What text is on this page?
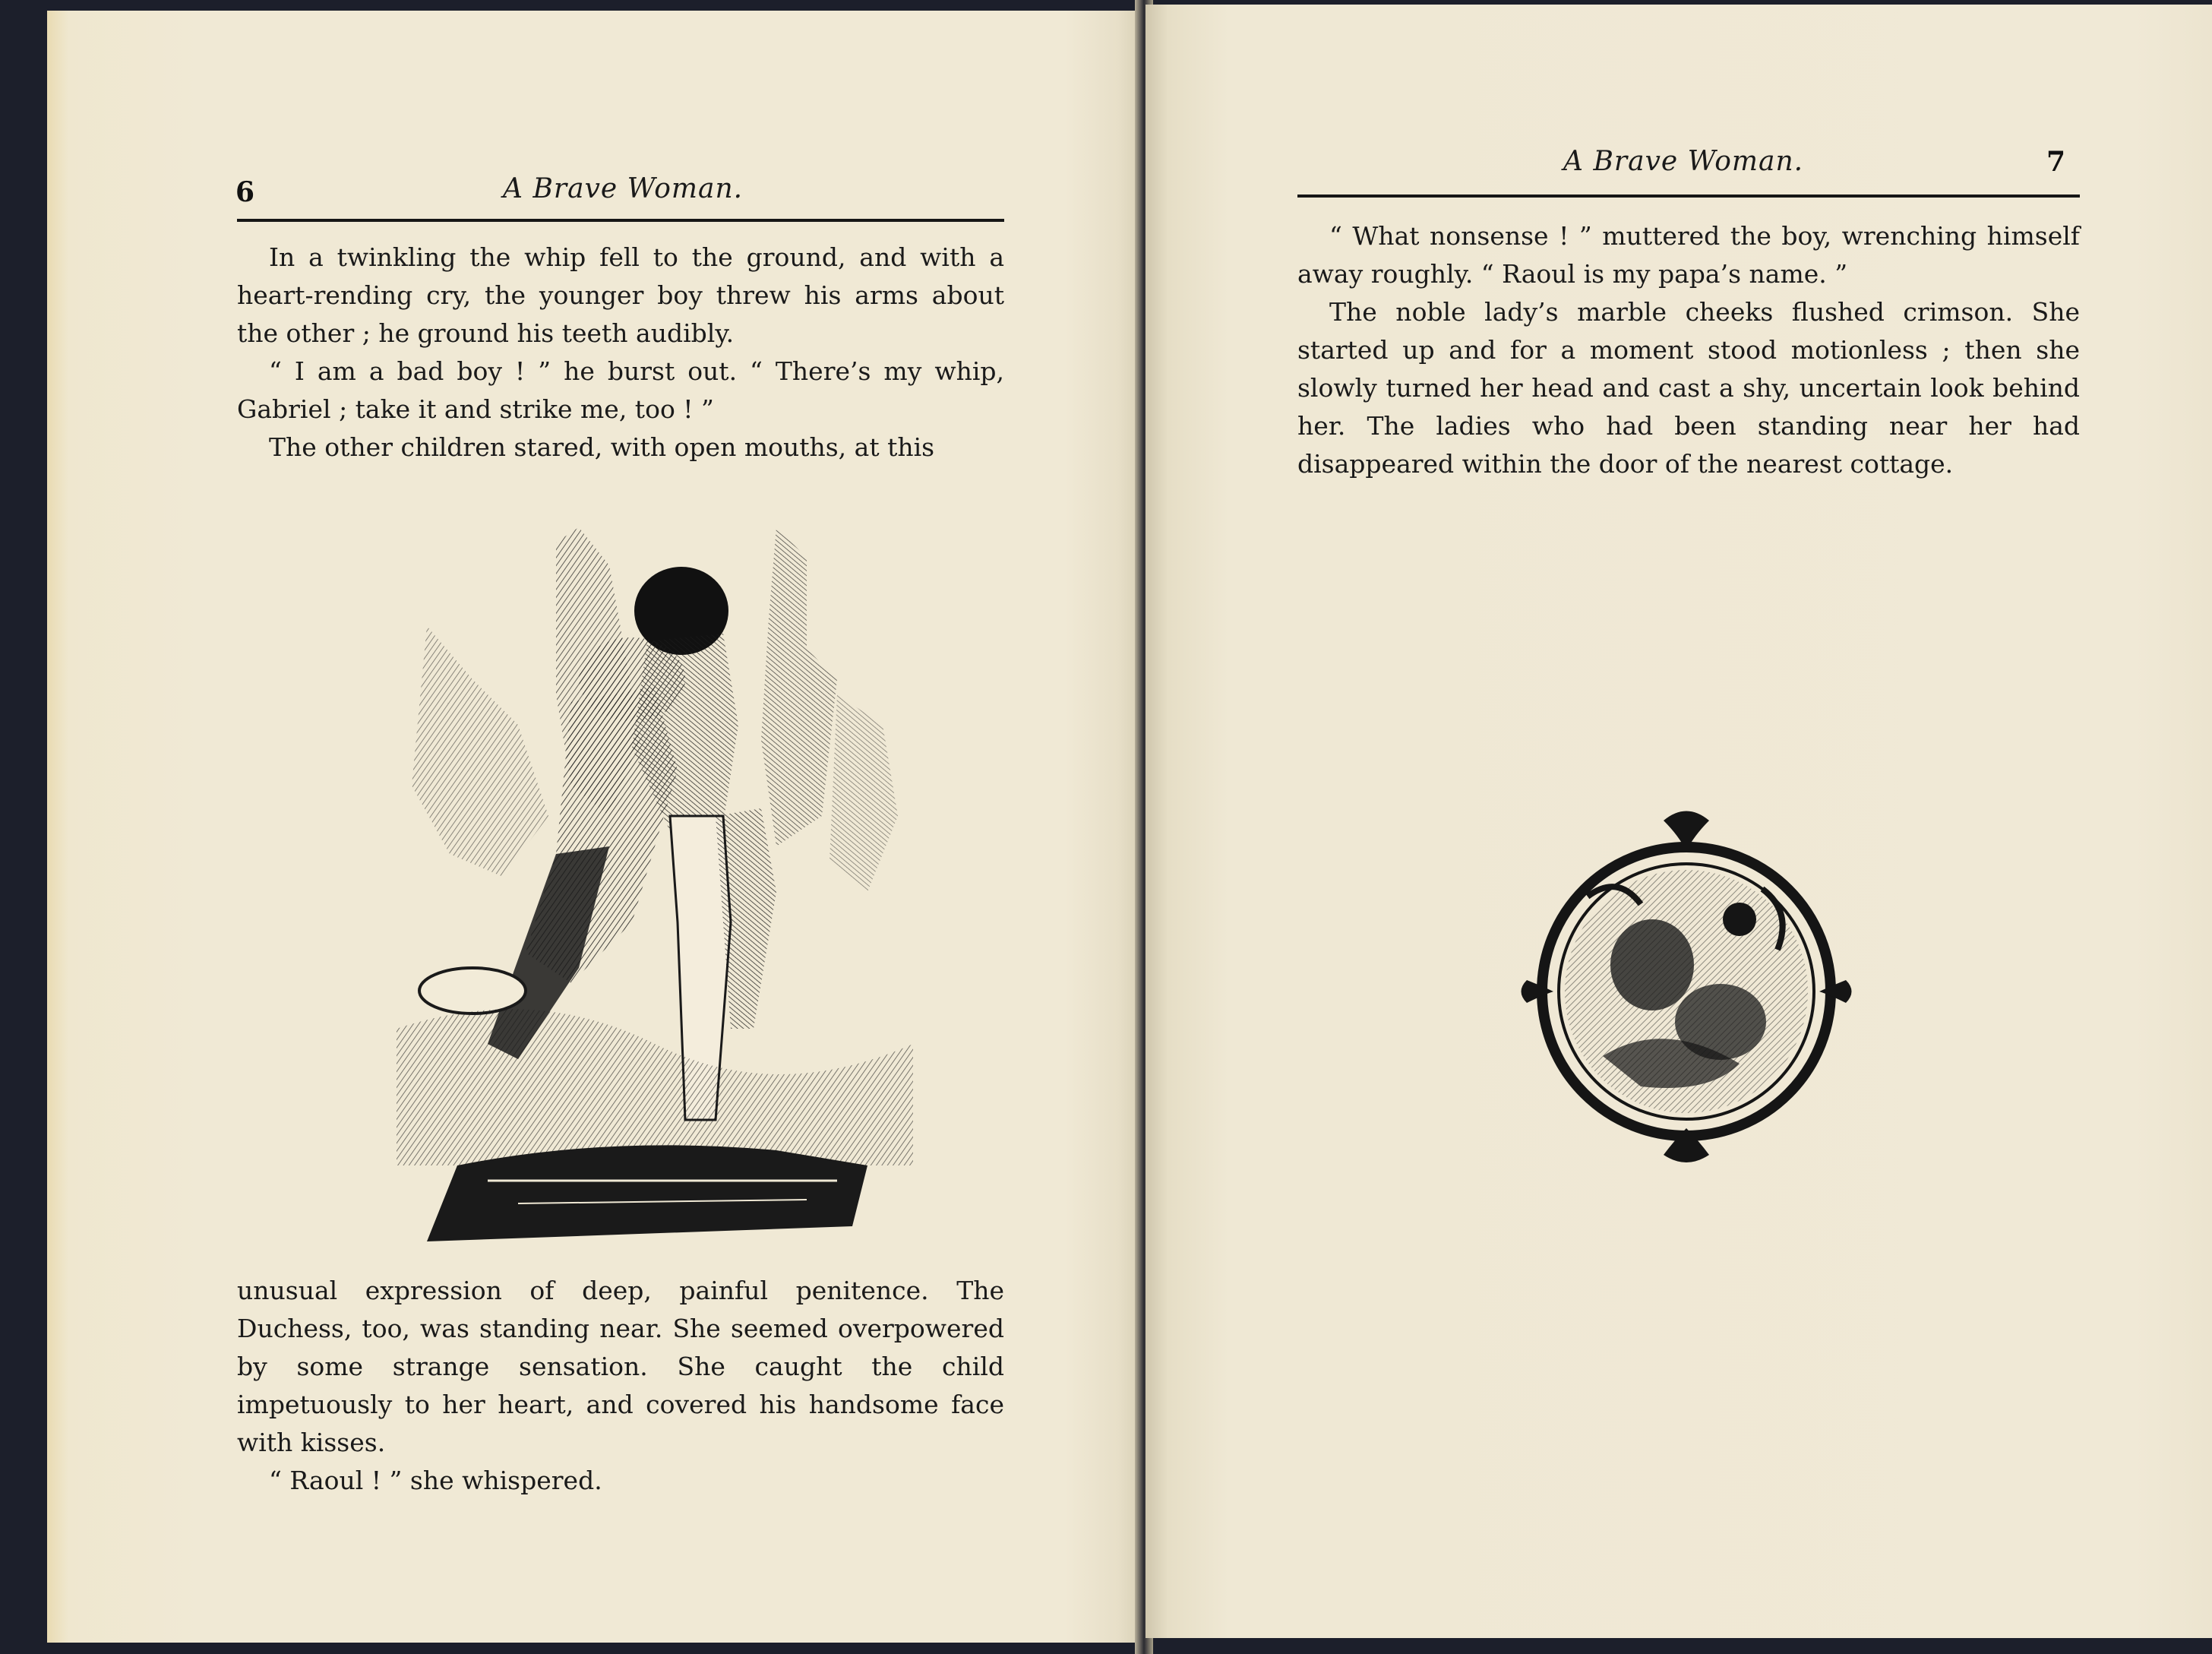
6	A Brave Woman.

In a twinkling the whip fell to the ground, and with a heart-rending cry, the younger boy threw his arms about the other ; he ground his teeth audibly.

“ I am a bad boy ! ” he burst out. “ There’s my whip, Gabriel ; take it and strike me, too ! ”

The other children stared, with open mouths, at this

unusual expression of deep, painful penitence. The Duchess, too, was standing near. She seemed overpowered by some strange sensation. She caught the child impetuously to her heart, and covered his handsome face with kisses.

“ Raoul ! ” she whispered.

A Brave Woman.	7

“ What nonsense ! ” muttered the boy, wrenching himself away roughly. “ Raoul is my papa’s name. ”

The noble lady’s marble cheeks flushed crimson. She started up and for a moment stood motionless ; then she slowly turned her head and cast a shy, uncertain look behind her. The ladies who had been standing near her had disappeared within the door of the nearest cottage.
